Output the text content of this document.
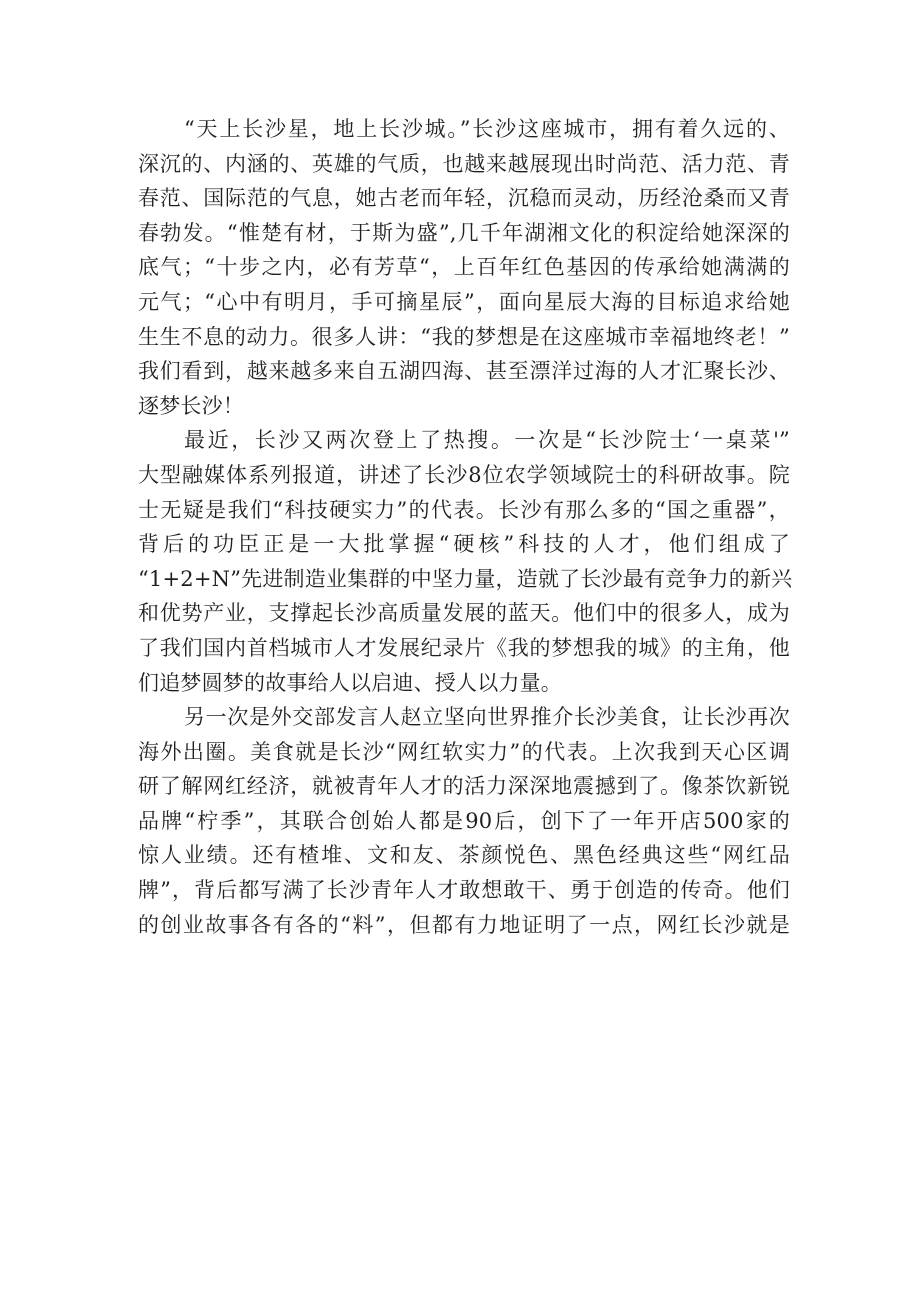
“天上长沙星，地上长沙城。”长沙这座城市，拥有着久远的、
深沉的、内涵的、英雄的气质，也越来越展现出时尚范、活力范、青
春范、国际范的气息，她古老而年轻，沉稳而灵动，历经沧桑而又青
春勃发。“惟楚有材，于斯为盛”,几千年湖湘文化的积淀给她深深的
底气；“十步之内，必有芳草“，上百年红色基因的传承给她满满的
元气；“心中有明月，手可摘星辰”，面向星辰大海的目标追求给她
生生不息的动力。很多人讲：“我的梦想是在这座城市幸福地终老！”
我们看到，越来越多来自五湖四海、甚至漂洋过海的人才汇聚长沙、
逐梦长沙！

最近，长沙又两次登上了热搜。一次是“长沙院士‘一桌菜'”
大型融媒体系列报道，讲述了长沙8位农学领域院士的科研故事。院
士无疑是我们“科技硬实力”的代表。长沙有那么多的“国之重器”，
背后的功臣正是一大批掌握“硬核”科技的人才，他们组成了
“1+2+N”先进制造业集群的中坚力量，造就了长沙最有竞争力的新兴
和优势产业，支撑起长沙高质量发展的蓝天。他们中的很多人，成为
了我们国内首档城市人才发展纪录片《我的梦想我的城》的主角，他
们追梦圆梦的故事给人以启迪、授人以力量。

另一次是外交部发言人赵立坚向世界推介长沙美食，让长沙再次
海外出圈。美食就是长沙“网红软实力”的代表。上次我到天心区调
研了解网红经济，就被青年人才的活力深深地震撼到了。像茶饮新锐
品牌“柠季”，其联合创始人都是90后，创下了一年开店500家的
惊人业绩。还有楂堆、文和友、茶颜悦色、黑色经典这些“网红品
牌”，背后都写满了长沙青年人才敢想敢干、勇于创造的传奇。他们
的创业故事各有各的“料”，但都有力地证明了一点，网红长沙就是
